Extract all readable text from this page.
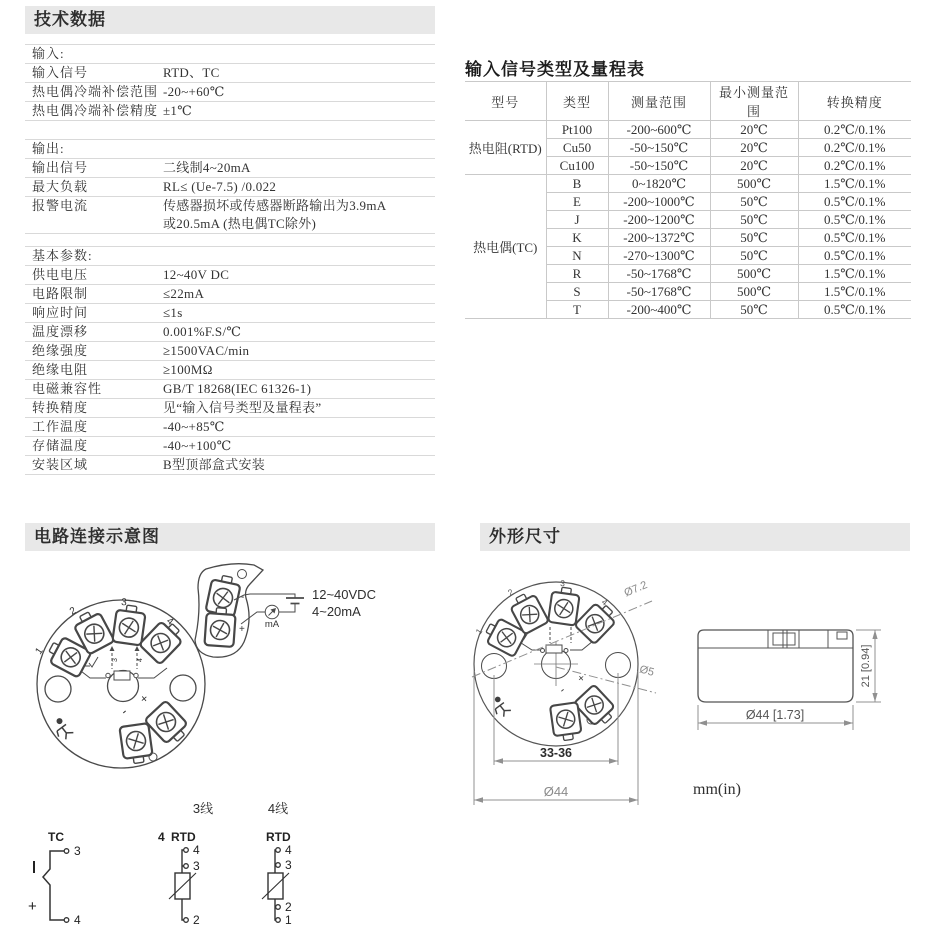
技术数据
输入:
输入信号	RTD、TC
热电偶冷端补偿范围 -20~+60℃
热电偶冷端补偿精度 ±1℃
输出:
输出信号	二线制4~20mA
最大负载	RL≤ (Ue-7.5) /0.022
报警电流	传感器损坏或传感器断路输出为3.9mA
或20.5mA (热电偶TC除外)
基本参数:
供电电压	12~40V DC
电路限制	≤22mA
响应时间	≤1s
温度漂移	0.001%F.S/℃
绝缘强度	≥1500VAC/min
绝缘电阻	≥100MΩ
电磁兼容性	GB/T 18268(IEC 61326-1)
转换精度	见“输入信号类型及量程表”
工作温度	-40~+85℃
存储温度	-40~+100℃
安装区域	B型顶部盒式安装
输入信号类型及量程表
型号	类型	测量范围	最小测量范围	转换精度
热电阻(RTD)	Pt100	-200~600℃	20℃	0.2℃/0.1%
	Cu50	-50~150℃	20℃	0.2℃/0.1%
	Cu100	-50~150℃	20℃	0.2℃/0.1%
热电偶(TC)	B	0~1820℃	500℃	1.5℃/0.1%
	E	-200~1000℃	50℃	0.5℃/0.1%
	J	-200~1200℃	50℃	0.5℃/0.1%
	K	-200~1372℃	50℃	0.5℃/0.1%
	N	-270~1300℃	50℃	0.5℃/0.1%
	R	-50~1768℃	500℃	1.5℃/0.1%
	S	-50~1768℃	500℃	1.5℃/0.1%
	T	-200~400℃	50℃	0.5℃/0.1%
电路连接示意图	外形尺寸
3	4
1
2
3
4
+
-
-
+ mA
12~40VDC
4~20mA
3线	4线
TC
3
4
+
4 RTD
4
3
2
RTD
4
3
2
1
1
2
3
4
+
-
Ø7.2
Ø5
33-36
Ø44
21 [0.94]
Ø44 [1.73]
mm(in)
